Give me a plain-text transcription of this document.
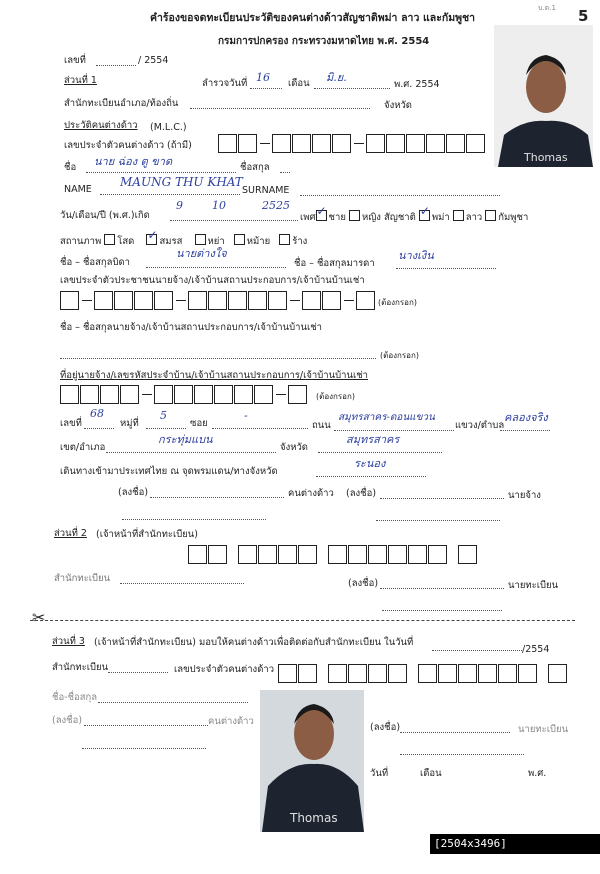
บ.ต.1
คำร้องขอจดทะเบียนประวัติของคนต่างด้าวสัญชาติพม่า ลาว และกัมพูชา	5
กรมการปกครอง กระทรวงมหาดไทย พ.ศ. 2554
Thomas
เลขที่	/ 2554
ส่วนที่ 1	ลำรวจวันที่ 16 เดือน มิ.ย.
พ.ศ. 2554
สำนักทะเบียนอำเภอ/ท้องถิ่น	จังหวัด
ประวัติคนต่างด้าว (M.L.C.)
เลขประจำตัวคนต่างด้าว (ถ้ามี)
ชื่อ นาย ฉ่อง ตู ขาด	ชื่อสกุล
NAME
MAUNG THU KHAT
SURNAME
วัน/เดือน/ปี (พ.ศ.)เกิด
9	10	2525
เพศ ✓ ชาย หญิง สัญชาติ ✓ พม่า ลาว กัมพูชา
สถานภาพ โสด ✓	สมรส	หย่า หม้าย ร้าง
ชื่อ – ชื่อสกุลบิดา
นายต่างใจ
ชื่อ – ชื่อสกุลมารดา
นางเงิน
เลขประจำตัวประชาชนนายจ้าง/เจ้าบ้านสถานประกอบการ/เจ้าบ้านบ้านเช่า
(ต้องกรอก)
ชื่อ – ชื่อสกุลนายจ้าง/เจ้าบ้านสถานประกอบการ/เจ้าบ้านบ้านเช่า
(ต้องกรอก)
ที่อยู่นายจ้าง/เลขรหัสประจำบ้าน/เจ้าบ้านสถานประกอบการ/เจ้าบ้านบ้านเช่า
(ต้องกรอก)
เลขที่
68
หมู่ที่
5
ซอย
-
ถนน
สมุทรสาคร-ดอนแขวน
แขวง/ตำบล
คลองจริง
เขต/อำเภอ
กระทุ่มแบน
จังหวัด
สมุทรสาคร
เดินทางเข้ามาประเทศไทย ณ จุดพรมแดน/ทางจังหวัด
ระนอง
(ลงชื่อ)	คนต่างด้าว (ลงชื่อ)	นายจ้าง
ส่วนที่ 2 (เจ้าหน้าที่สำนักทะเบียน)
สำนักทะเบียน	(ลงชื่อ)	นายทะเบียน
✂
ส่วนที่ 3 (เจ้าหน้าที่สำนักทะเบียน) มอบให้คนต่างด้าวเพื่อติดต่อกับสำนักทะเบียน ในวันที่
/2554
สำนักทะเบียน	เลขประจำตัวคนต่างด้าว
ชื่อ-ชื่อสกุล
(ลงชื่อ)	คนต่างด้าว
Thomas
(ลงชื่อ)	นายทะเบียน
วันที่	เดือน	พ.ศ.
[2504x3496] https://upic.me/
